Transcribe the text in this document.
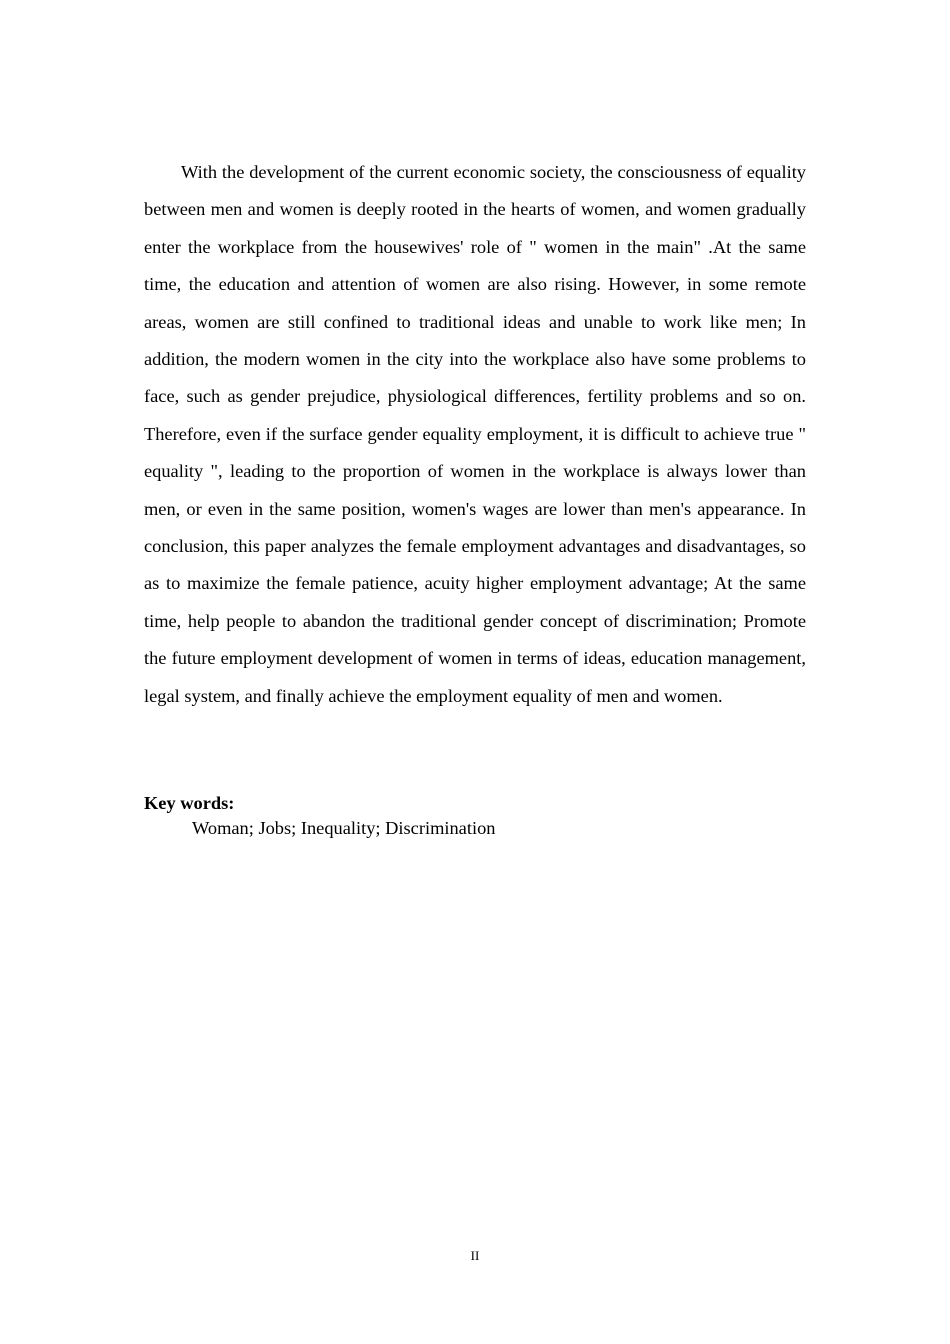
With the development of the current economic society, the consciousness of equality between men and women is deeply rooted in the hearts of women, and women gradually enter the workplace from the housewives' role of " women in the main" .At the same time, the education and attention of women are also rising. However, in some remote areas, women are still confined to traditional ideas and unable to work like men; In addition, the modern women in the city into the workplace also have some problems to face, such as gender prejudice, physiological differences, fertility problems and so on. Therefore, even if the surface gender equality employment, it is difficult to achieve true " equality ", leading to the proportion of women in the workplace is always lower than men, or even in the same position, women's wages are lower than men's appearance. In conclusion, this paper analyzes the female employment advantages and disadvantages, so as to maximize the female patience, acuity higher employment advantage; At the same time, help people to abandon the traditional gender concept of discrimination; Promote the future employment development of women in terms of ideas, education management, legal system, and finally achieve the employment equality of men and women.

Key words:

Woman; Jobs; Inequality; Discrimination

II
